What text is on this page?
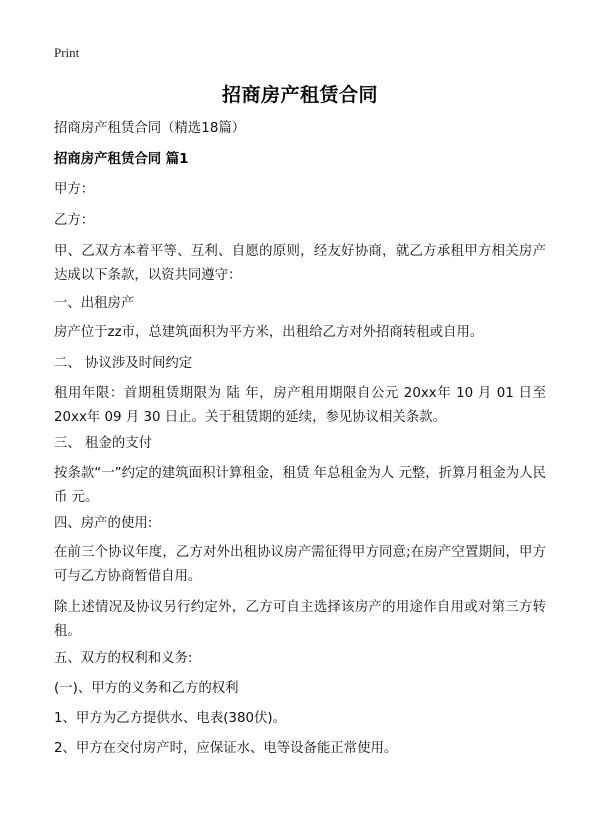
Print
招商房产租赁合同
招商房产租赁合同（精选18篇）
招商房产租赁合同 篇1
甲方：
乙方：
甲、乙双方本着平等、互利、自愿的原则，经友好协商，就乙方承租甲方相关房产达成以下条款，以资共同遵守：
一、出租房产
房产位于zz市，总建筑面积为平方米，出租给乙方对外招商转租或自用。
二、 协议涉及时间约定
租用年限：首期租赁期限为 陆 年，房产租用期限自公元 20xx年 10 月 01 日至 20xx年 09 月 30 日止。关于租赁期的延续，参见协议相关条款。
三、 租金的支付
按条款“一”约定的建筑面积计算租金，租赁 年总租金为人 元整，折算月租金为人民币 元。
四、房产的使用:
在前三个协议年度，乙方对外出租协议房产需征得甲方同意;在房产空置期间，甲方可与乙方协商暂借自用。
除上述情况及协议另行约定外，乙方可自主选择该房产的用途作自用或对第三方转租。
五、双方的权利和义务:
(一)、甲方的义务和乙方的权利
1、甲方为乙方提供水、电表(380伏)。
2、甲方在交付房产时，应保证水、电等设备能正常使用。
